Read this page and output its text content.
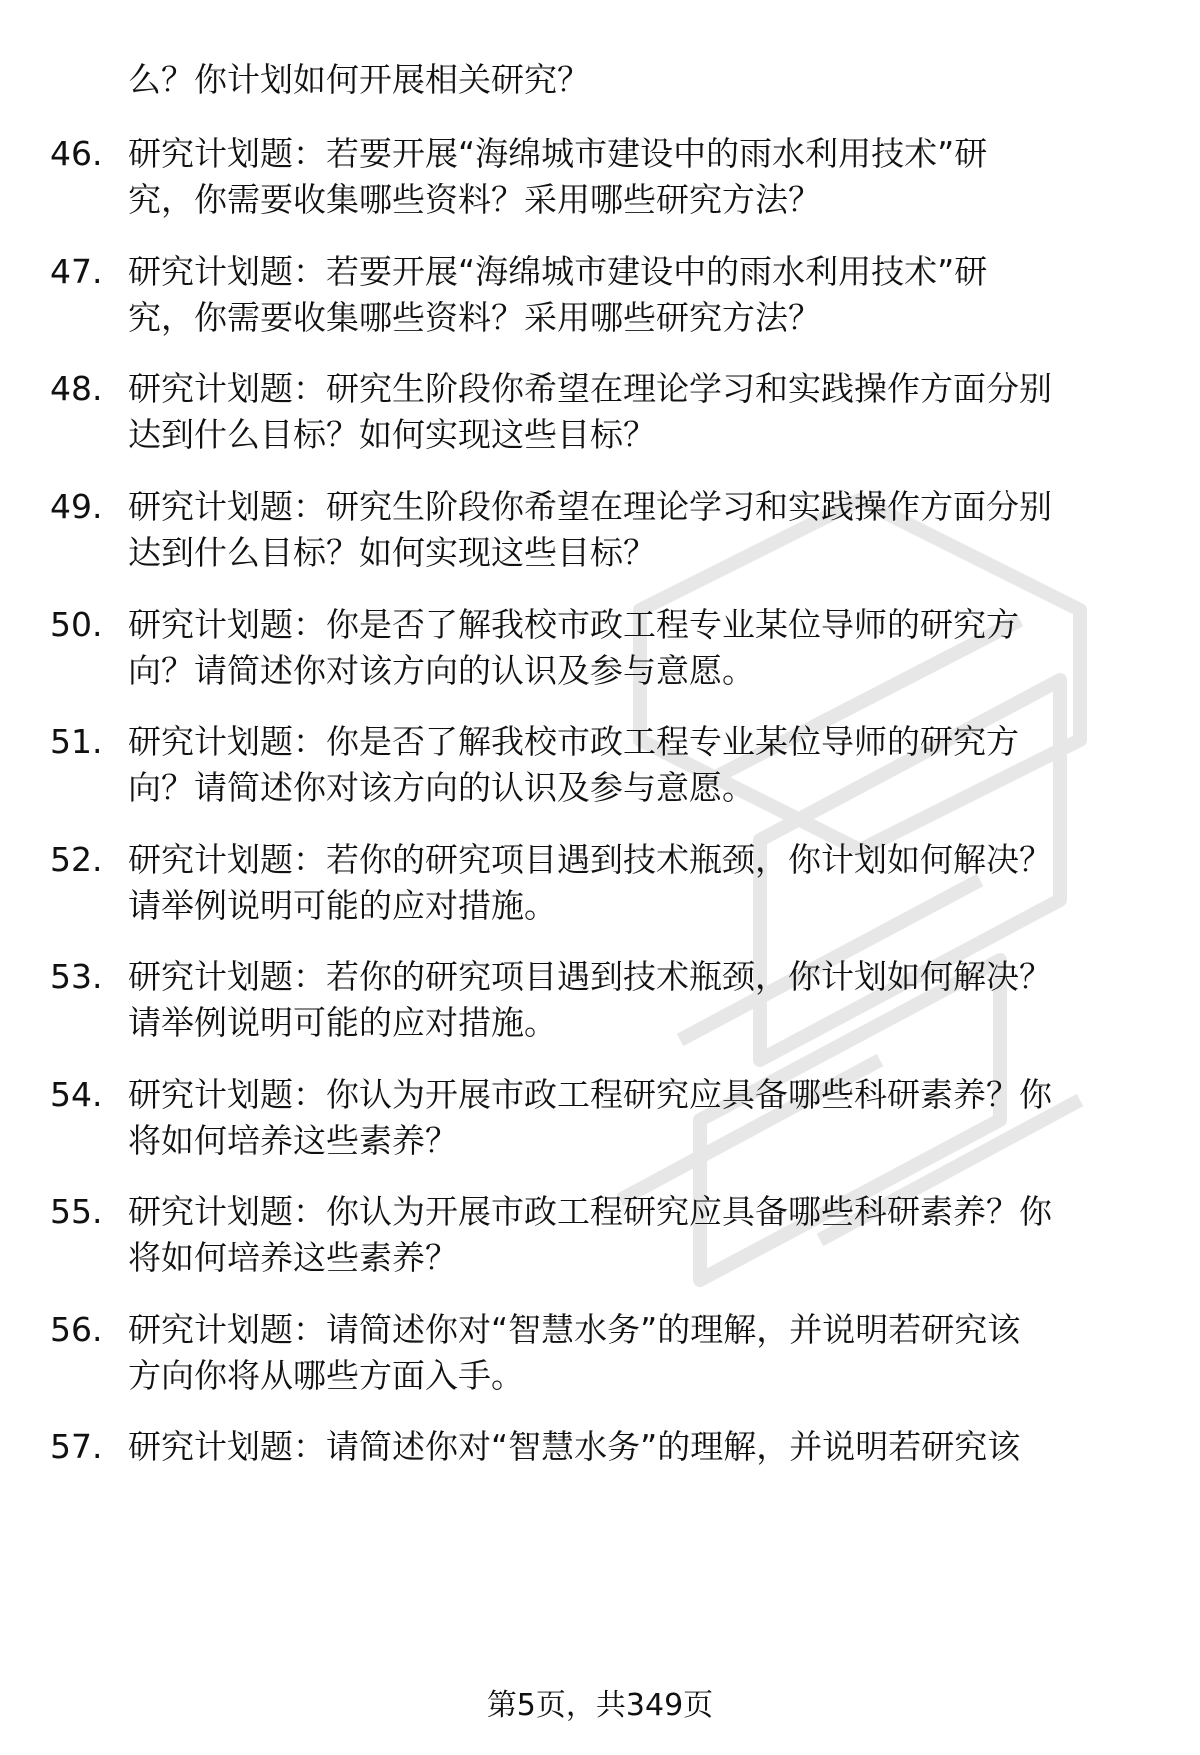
么？你计划如何开展相关研究？
46. 研究计划题：若要开展“海绵城市建设中的雨水利用技术”研
究，你需要收集哪些资料？采用哪些研究方法？
47. 研究计划题：若要开展“海绵城市建设中的雨水利用技术”研
究，你需要收集哪些资料？采用哪些研究方法？
48. 研究计划题：研究生阶段你希望在理论学习和实践操作方面分别
达到什么目标？如何实现这些目标？
49. 研究计划题：研究生阶段你希望在理论学习和实践操作方面分别
达到什么目标？如何实现这些目标？
50. 研究计划题：你是否了解我校市政工程专业某位导师的研究方
向？请简述你对该方向的认识及参与意愿。
51. 研究计划题：你是否了解我校市政工程专业某位导师的研究方
向？请简述你对该方向的认识及参与意愿。
52. 研究计划题：若你的研究项目遇到技术瓶颈，你计划如何解决？
请举例说明可能的应对措施。
53. 研究计划题：若你的研究项目遇到技术瓶颈，你计划如何解决？
请举例说明可能的应对措施。
54. 研究计划题：你认为开展市政工程研究应具备哪些科研素养？你
将如何培养这些素养？
55. 研究计划题：你认为开展市政工程研究应具备哪些科研素养？你
将如何培养这些素养？
56. 研究计划题：请简述你对“智慧水务”的理解，并说明若研究该
方向你将从哪些方面入手。
57. 研究计划题：请简述你对“智慧水务”的理解，并说明若研究该
第5页，共349页
